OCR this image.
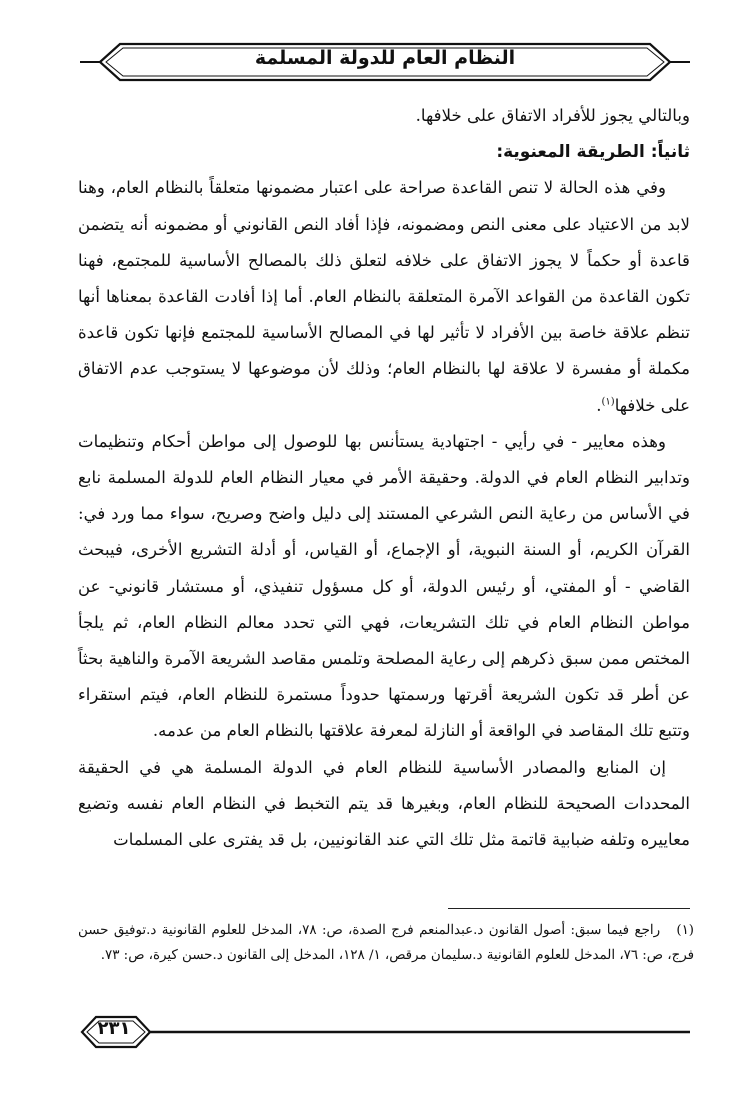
النظام العام للدولة المسلمة

وبالتالي يجوز للأفراد الاتفاق على خلافها.

ثانياً: الطريقة المعنوية:

وفي هذه الحالة لا تنص القاعدة صراحة على اعتبار مضمونها متعلقاً بالنظام العام، وهنا لابد من الاعتياد على معنى النص ومضمونه، فإذا أفاد النص القانوني أو مضمونه أنه يتضمن قاعدة أو حكماً لا يجوز الاتفاق على خلافه لتعلق ذلك بالمصالح الأساسية للمجتمع، فهنا تكون القاعدة من القواعد الآمرة المتعلقة بالنظام العام. أما إذا أفادت القاعدة بمعناها أنها تنظم علاقة خاصة بين الأفراد لا تأثير لها في المصالح الأساسية للمجتمع فإنها تكون قاعدة مكملة أو مفسرة لا علاقة لها بالنظام العام؛ وذلك لأن موضوعها لا يستوجب عدم الاتفاق على خلافها$^{(١)}$.

وهذه معايير - في رأيي - اجتهادية يستأنس بها للوصول إلى مواطن أحكام وتنظيمات وتدابير النظام العام في الدولة. وحقيقة الأمر في معيار النظام العام للدولة المسلمة نابع في الأساس من رعاية النص الشرعي المستند إلى دليل واضح وصريح، سواء مما ورد في: القرآن الكريم، أو السنة النبوية، أو الإجماع، أو القياس، أو أدلة التشريع الأخرى، فيبحث القاضي - أو المفتي، أو رئيس الدولة، أو كل مسؤول تنفيذي، أو مستشار قانوني- عن مواطن النظام العام في تلك التشريعات، فهي التي تحدد معالم النظام العام، ثم يلجأ المختص ممن سبق ذكرهم إلى رعاية المصلحة وتلمس مقاصد الشريعة الآمرة والناهية بحثاً عن أطر قد تكون الشريعة أقرتها ورسمتها حدوداً مستمرة للنظام العام، فيتم استقراء وتتبع تلك المقاصد في الواقعة أو النازلة لمعرفة علاقتها بالنظام العام من عدمه.

إن المنابع والمصادر الأساسية للنظام العام في الدولة المسلمة هي في الحقيقة المحددات الصحيحة للنظام العام، وبغيرها قد يتم التخبط في النظام العام نفسه وتضيع معاييره وتلفه ضبابية قاتمة مثل تلك التي عند القانونيين، بل قد يفترى على المسلمات

(١)   راجع فيما سبق: أصول القانون د.عبدالمنعم فرج الصدة، ص: ٧٨، المدخل للعلوم القانونية د.توفيق حسن فرج، ص: ٧٦، المدخل للعلوم القانونية د.سليمان مرقص، ١/ ١٢٨، المدخل إلى القانون د.حسن كيرة، ص: ٧٣.

٢٣١
